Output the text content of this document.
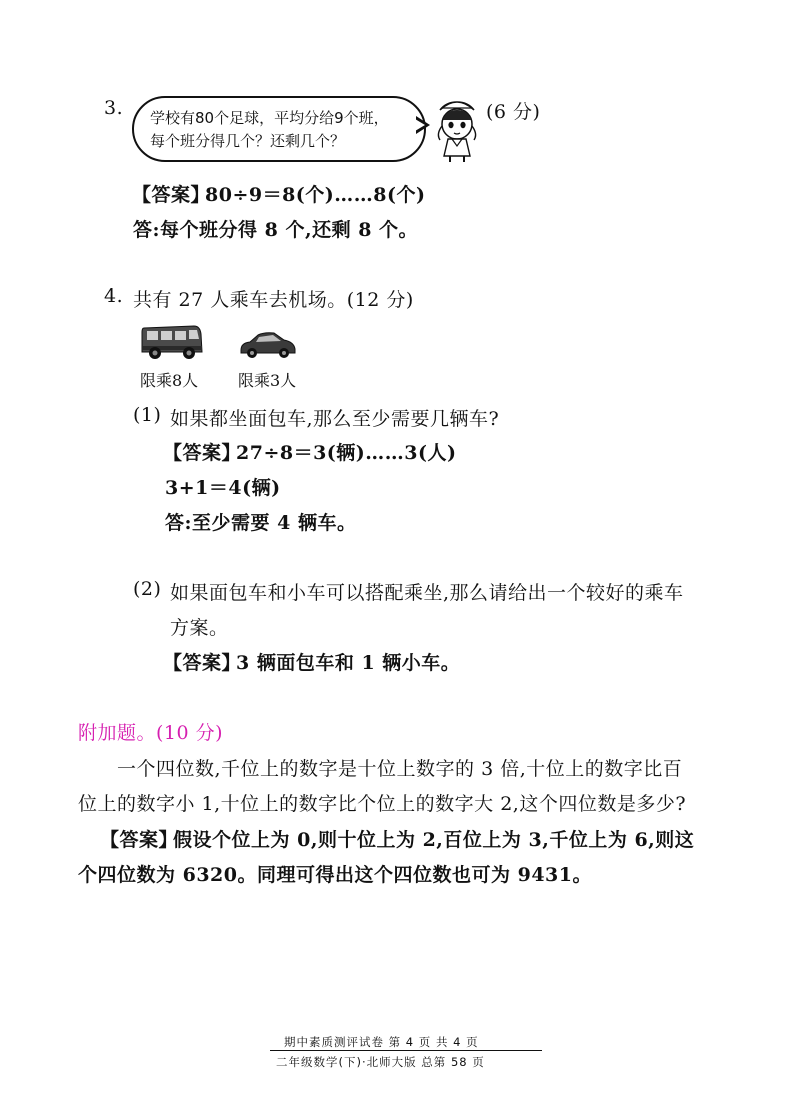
3. 学校有80个足球，平均分给9个班，
每个班分得几个？还剩几个？
(6 分)
【答案】
80÷9＝8(个)……8(个)
答:每个班分得 8 个,还剩 8 个。
4. 共有 27 人乘车去机场。(12 分)
限乘8人 限乘3人
(1) 如果都坐面包车,那么至少需要几辆车?
【答案】
27÷8＝3(辆)……3(人)
3+1＝4(辆)
答:至少需要 4 辆车。
(2) 如果面包车和小车可以搭配乘坐,那么请给出一个较好的乘车
方案。
【答案】
3 辆面包车和 1 辆小车。
附加题。(10 分)
一个四位数,千位上的数字是十位上数字的 3 倍,十位上的数字比百
位上的数字小 1,十位上的数字比个位上的数字大 2,这个四位数是多少?
【答案】
假设个位上为 0,则十位上为 2,百位上为 3,千位上为 6,则这
个四位数为 6320。同理可得出这个四位数也可为 9431。
期中素质测评试卷 第 4 页 共 4 页
二年级数学(下)·北师大版 总第 58 页
